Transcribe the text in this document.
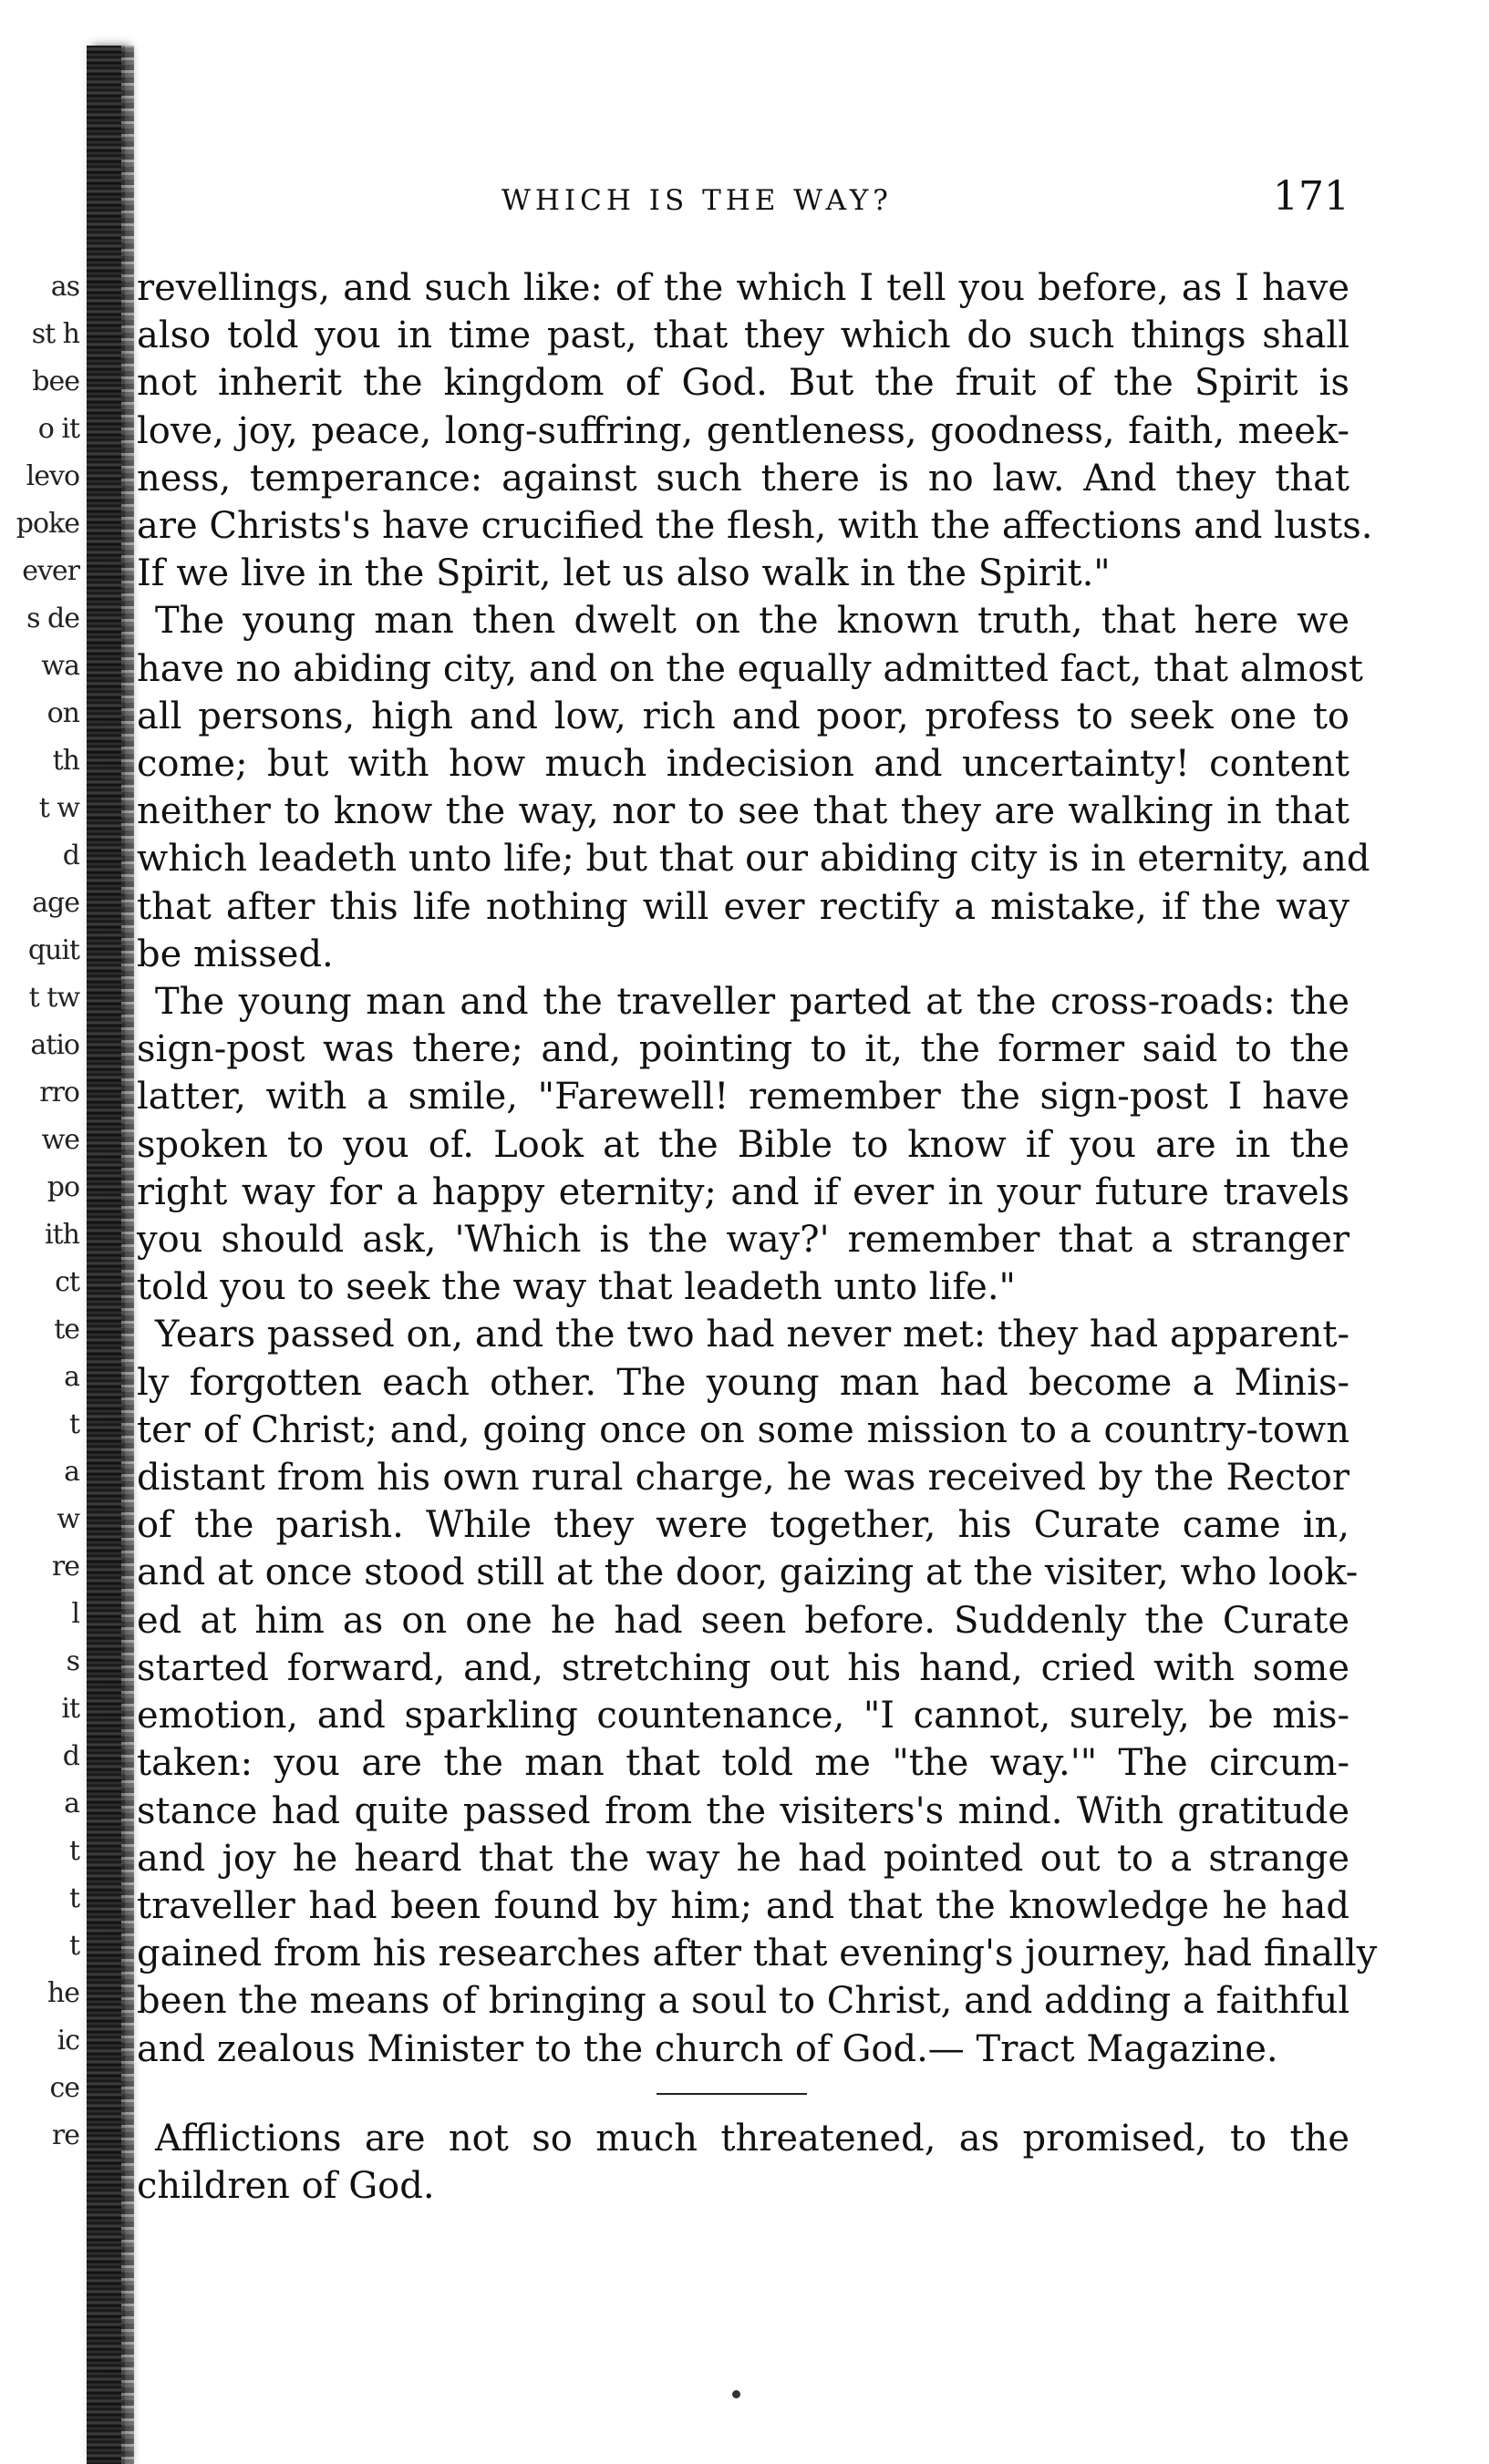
as
st h
bee
o it
levo
poke
ever
s de
wa
on
th
t w
d
age
quit
t tw
atio
rro
we
po
ith
ct
te
a
t
a
w
re
l
s
it
d
a
t
t
t
he
ic
ce
re
WHICH IS THE WAY?	171
revellings, and such like: of the which I tell you before, as I have
also told you in time past, that they which do such things shall
not inherit the kingdom of God. But the fruit of the Spirit is
love, joy, peace, long-suffring, gentleness, goodness, faith, meek-
ness, temperance: against such there is no law. And they that
are Christs's have crucified the flesh, with the affections and lusts.
If we live in the Spirit, let us also walk in the Spirit."
The young man then dwelt on the known truth, that here we
have no abiding city, and on the equally admitted fact, that almost
all persons, high and low, rich and poor, profess to seek one to
come; but with how much indecision and uncertainty! content
neither to know the way, nor to see that they are walking in that
which leadeth unto life; but that our abiding city is in eternity, and
that after this life nothing will ever rectify a mistake, if the way
be missed.
The young man and the traveller parted at the cross-roads: the
sign-post was there; and, pointing to it, the former said to the
latter, with a smile, "Farewell! remember the sign-post I have
spoken to you of. Look at the Bible to know if you are in the
right way for a happy eternity; and if ever in your future travels
you should ask, 'Which is the way?' remember that a stranger
told you to seek the way that leadeth unto life."
Years passed on, and the two had never met: they had apparent-
ly forgotten each other. The young man had become a Minis-
ter of Christ; and, going once on some mission to a country-town
distant from his own rural charge, he was received by the Rector
of the parish. While they were together, his Curate came in,
and at once stood still at the door, gaizing at the visiter, who look-
ed at him as on one he had seen before. Suddenly the Curate
started forward, and, stretching out his hand, cried with some
emotion, and sparkling countenance, "I cannot, surely, be mis-
taken: you are the man that told me "the way.'" The circum-
stance had quite passed from the visiters's mind. With gratitude
and joy he heard that the way he had pointed out to a strange
traveller had been found by him; and that the knowledge he had
gained from his researches after that evening's journey, had finally
been the means of bringing a soul to Christ, and adding a faithful
and zealous Minister to the church of God.— Tract Magazine.
Afflictions are not so much threatened, as promised, to the
children of God.
